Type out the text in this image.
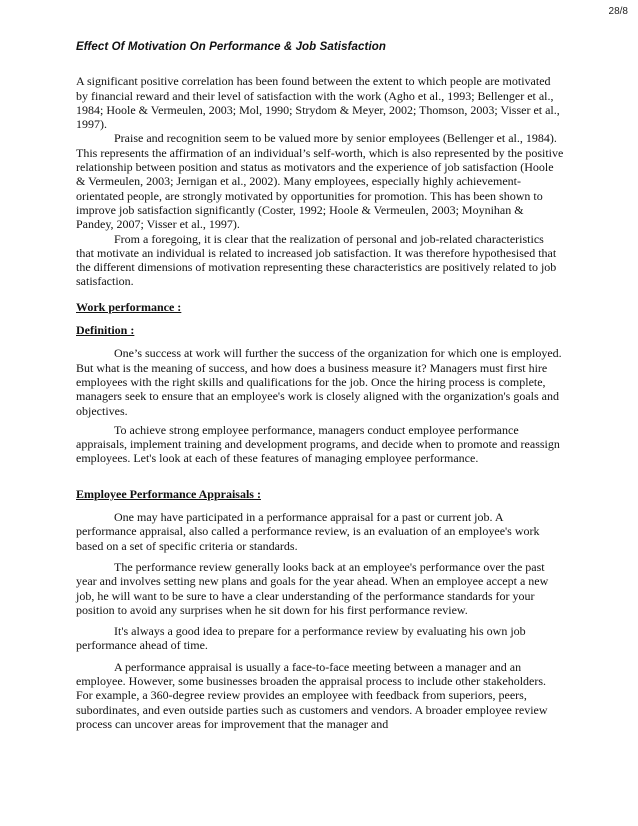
28/8
Effect Of Motivation On Performance & Job Satisfaction

A significant positive correlation has been found between the extent to which people are motivated by financial reward and their level of satisfaction with the work (Agho et al., 1993; Bellenger et al., 1984; Hoole & Vermeulen, 2003; Mol, 1990; Strydom & Meyer, 2002; Thomson, 2003; Visser et al., 1997).

Praise and recognition seem to be valued more by senior employees (Bellenger et al., 1984). This represents the affirmation of an individual’s self-worth, which is also represented by the positive relationship between position and status as motivators and the experience of job satisfaction (Hoole & Vermeulen, 2003; Jernigan et al., 2002). Many employees, especially highly achievement-orientated people, are strongly motivated by opportunities for promotion. This has been shown to improve job satisfaction significantly (Coster, 1992; Hoole & Vermeulen, 2003; Moynihan & Pandey, 2007; Visser et al., 1997).

From a foregoing, it is clear that the realization of personal and job-related characteristics that motivate an individual is related to increased job satisfaction. It was therefore hypothesised that the different dimensions of motivation representing these characteristics are positively related to job satisfaction.

Work performance :

Definition :

One’s success at work will further the success of the organization for which one is employed. But what is the meaning of success, and how does a business measure it? Managers must first hire employees with the right skills and qualifications for the job. Once the hiring process is complete, managers seek to ensure that an employee's work is closely aligned with the organization's goals and objectives.

To achieve strong employee performance, managers conduct employee performance appraisals, implement training and development programs, and decide when to promote and reassign employees. Let's look at each of these features of managing employee performance.

Employee Performance Appraisals :

One may have participated in a performance appraisal for a past or current job. A performance appraisal, also called a performance review, is an evaluation of an employee's work based on a set of specific criteria or standards.

The performance review generally looks back at an employee's performance over the past year and involves setting new plans and goals for the year ahead. When an employee accept a new job, he will want to be sure to have a clear understanding of the performance standards for your position to avoid any surprises when he sit down for his first performance review.

It's always a good idea to prepare for a performance review by evaluating his own job performance ahead of time.

A performance appraisal is usually a face-to-face meeting between a manager and an employee. However, some businesses broaden the appraisal process to include other stakeholders. For example, a 360-degree review provides an employee with feedback from superiors, peers, subordinates, and even outside parties such as customers and vendors. A broader employee review process can uncover areas for improvement that the manager and
